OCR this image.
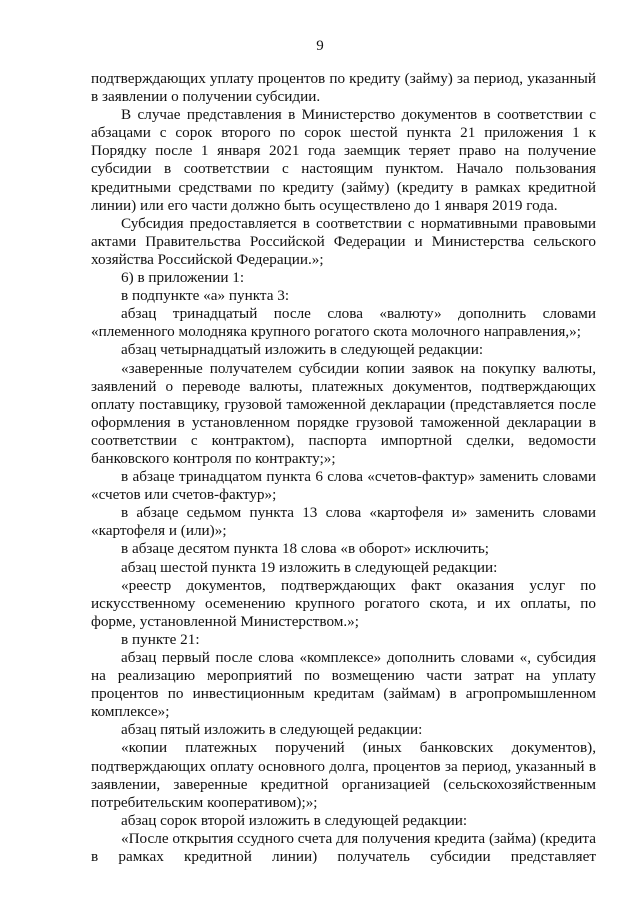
9

подтверждающих уплату процентов по кредиту (займу) за период, указанный в заявлении о получении субсидии.

В случае представления в Министерство документов в соответствии с абзацами с сорок второго по сорок шестой пункта 21 приложения 1 к Порядку после 1 января 2021 года заемщик теряет право на получение субсидии в соответствии с настоящим пунктом. Начало пользования кредитными средствами по кредиту (займу) (кредиту в рамках кредитной линии) или его части должно быть осуществлено до 1 января 2019 года.

Субсидия предоставляется в соответствии с нормативными правовыми актами Правительства Российской Федерации и Министерства сельского хозяйства Российской Федерации.»;

6) в приложении 1:

в подпункте «а» пункта 3:

абзац тринадцатый после слова «валюту» дополнить словами «племенного молодняка крупного рогатого скота молочного направления,»;

абзац четырнадцатый изложить в следующей редакции:

«заверенные получателем субсидии копии заявок на покупку валюты, заявлений о переводе валюты, платежных документов, подтверждающих оплату поставщику, грузовой таможенной декларации (представляется после оформления в установленном порядке грузовой таможенной декларации в соответствии с контрактом), паспорта импортной сделки, ведомости банковского контроля по контракту;»;

в абзаце тринадцатом пункта 6 слова «счетов-фактур» заменить словами «счетов или счетов-фактур»;

в абзаце седьмом пункта 13 слова «картофеля и» заменить словами «картофеля и (или)»;

в абзаце десятом пункта 18 слова «в оборот» исключить;

абзац шестой пункта 19 изложить в следующей редакции:

«реестр документов, подтверждающих факт оказания услуг по искусственному осеменению крупного рогатого скота, и их оплаты, по форме, установленной Министерством.»;

в пункте 21:

абзац первый после слова «комплексе» дополнить словами «, субсидия на реализацию мероприятий по возмещению части затрат на уплату процентов по инвестиционным кредитам (займам) в агропромышленном комплексе»;

абзац пятый изложить в следующей редакции:

«копии платежных поручений (иных банковских документов), подтверждающих оплату основного долга, процентов за период, указанный в заявлении, заверенные кредитной организацией (сельскохозяйственным потребительским кооперативом);»;

абзац сорок второй изложить в следующей редакции:

«После открытия ссудного счета для получения кредита (займа) (кредита в рамках кредитной линии) получатель субсидии представляет
